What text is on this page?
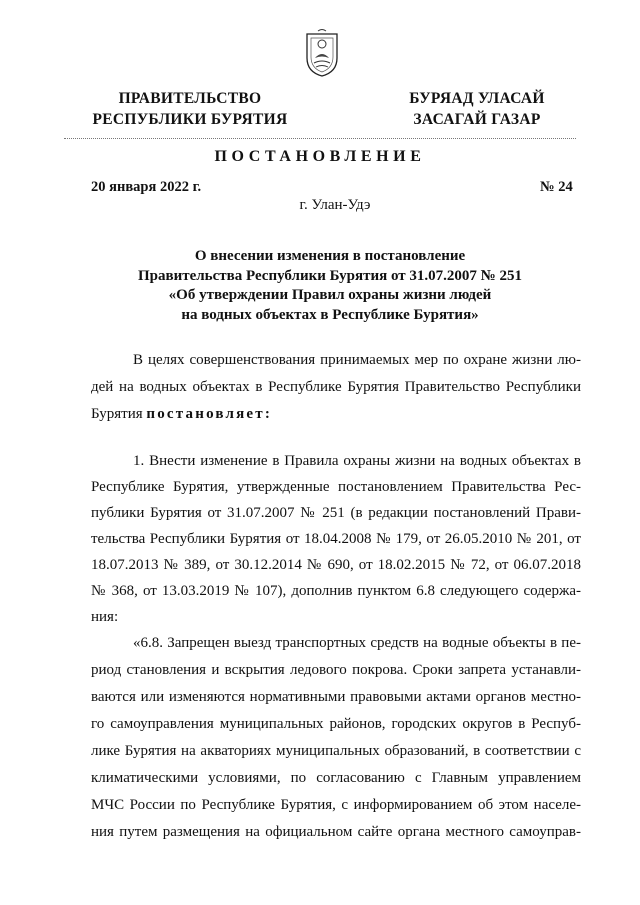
ПРАВИТЕЛЬСТВО
РЕСПУБЛИКИ БУРЯТИЯ
БУРЯАД УЛАСАЙ
ЗАСАГАЙ ГАЗАР
ПОСТАНОВЛЕНИЕ
20 января 2022 г.	№ 24
г. Улан-Удэ
О внесении изменения в постановление
Правительства Республики Бурятия от 31.07.2007 № 251
«Об утверждении Правил охраны жизни людей
на водных объектах в Республике Бурятия»
В целях совершенствования принимаемых мер по охране жизни лю-
дей на водных объектах в Республике Бурятия Правительство Республики
Бурятия постановляет:
1. Внести изменение в Правила охраны жизни на водных объектах в
Республике Бурятия, утвержденные постановлением Правительства Рес-
публики Бурятия от 31.07.2007 № 251 (в редакции постановлений Прави-
тельства Республики Бурятия от 18.04.2008 № 179, от 26.05.2010 № 201, от
18.07.2013 № 389, от 30.12.2014 № 690, от 18.02.2015 № 72, от 06.07.2018
№ 368, от 13.03.2019 № 107), дополнив пунктом 6.8 следующего содержа-
ния:
«6.8. Запрещен выезд транспортных средств на водные объекты в пе-
риод становления и вскрытия ледового покрова. Сроки запрета устанавли-
ваются или изменяются нормативными правовыми актами органов местно-
го самоуправления муниципальных районов, городских округов в Респуб-
лике Бурятия на акваториях муниципальных образований, в соответствии с
климатическими условиями, по согласованию с Главным управлением
МЧС России по Республике Бурятия, с информированием об этом населе-
ния путем размещения на официальном сайте органа местного самоуправ-
